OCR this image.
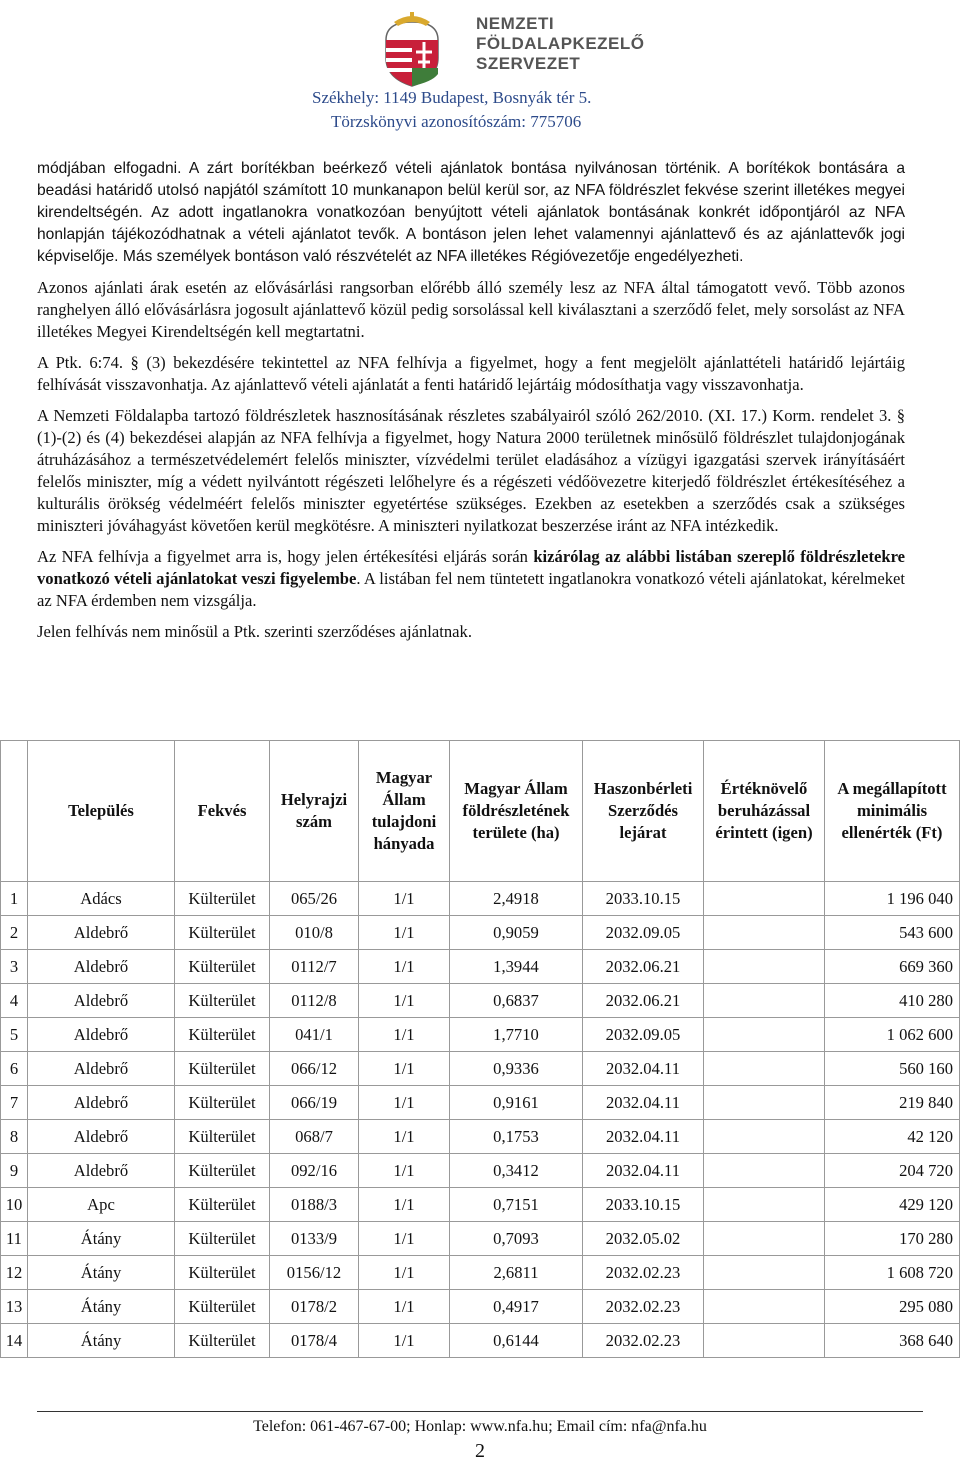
NEMZETI
FÖLDALAPKEZELŐ
SZERVEZET
Székhely: 1149 Budapest, Bosnyák tér 5.
Törzskönyvi azonosítószám: 775706

módjában elfogadni. A zárt borítékban beérkező vételi ajánlatok bontása nyilvánosan történik. A borítékok bontására a beadási határidő utolsó napjától számított 10 munkanapon belül kerül sor, az NFA földrészlet fekvése szerint illetékes megyei kirendeltségén. Az adott ingatlanokra vonatkozóan benyújtott vételi ajánlatok bontásának konkrét időpontjáról az NFA honlapján tájékozódhatnak a vételi ajánlatot tevők. A bontáson jelen lehet valamennyi ajánlattevő és az ajánlattevők jogi képviselője. Más személyek bontáson való részvételét az NFA illetékes Régióvezetője engedélyezheti.

Azonos ajánlati árak esetén az elővásárlási rangsorban előrébb álló személy lesz az NFA által támogatott vevő. Több azonos ranghelyen álló elővásárlásra jogosult ajánlattevő közül pedig sorsolással kell kiválasztani a szerződő felet, mely sorsolást az NFA illetékes Megyei Kirendeltségén kell megtartatni.

A Ptk. 6:74. § (3) bekezdésére tekintettel az NFA felhívja a figyelmet, hogy a fent megjelölt ajánlattételi határidő lejártáig felhívását visszavonhatja. Az ajánlattevő vételi ajánlatát a fenti határidő lejártáig módosíthatja vagy visszavonhatja.

A Nemzeti Földalapba tartozó földrészletek hasznosításának részletes szabályairól szóló 262/2010. (XI. 17.) Korm. rendelet 3. § (1)-(2) és (4) bekezdései alapján az NFA felhívja a figyelmet, hogy Natura 2000 területnek minősülő földrészlet tulajdonjogának átruházásához a természetvédelemért felelős miniszter, vízvédelmi terület eladásához a vízügyi igazgatási szervek irányításáért felelős miniszter, míg a védett nyilvántott régészeti lelőhelyre és a régészeti védőövezetre kiterjedő földrészlet értékesítéséhez a kulturális örökség védelméért felelős miniszter egyetértése szükséges. Ezekben az esetekben a szerződés csak a szükséges miniszteri jóváhagyást követően kerül megkötésre. A miniszteri nyilatkozat beszerzése iránt az NFA intézkedik.

Az NFA felhívja a figyelmet arra is, hogy jelen értékesítési eljárás során kizárólag az alábbi listában szereplő földrészletekre vonatkozó vételi ajánlatokat veszi figyelembe. A listában fel nem tüntetett ingatlanokra vonatkozó vételi ajánlatokat, kérelmeket az NFA érdemben nem vizsgálja.

Jelen felhívás nem minősül a Ptk. szerinti szerződéses ajánlatnak.

	Település	Fekvés	Helyrajzi szám	Magyar Állam tulajdoni hányada	Magyar Állam földrészletének területe (ha)	Haszonbérleti Szerződés lejárat	Értéknövelő beruházással érintett (igen)	A megállapított minimális ellenérték (Ft)
1	Adács	Külterület	065/26	1/1	2,4918	2033.10.15		1 196 040
2	Aldebrő	Külterület	010/8	1/1	0,9059	2032.09.05		543 600
3	Aldebrő	Külterület	0112/7	1/1	1,3944	2032.06.21		669 360
4	Aldebrő	Külterület	0112/8	1/1	0,6837	2032.06.21		410 280
5	Aldebrő	Külterület	041/1	1/1	1,7710	2032.09.05		1 062 600
6	Aldebrő	Külterület	066/12	1/1	0,9336	2032.04.11		560 160
7	Aldebrő	Külterület	066/19	1/1	0,9161	2032.04.11		219 840
8	Aldebrő	Külterület	068/7	1/1	0,1753	2032.04.11		42 120
9	Aldebrő	Külterület	092/16	1/1	0,3412	2032.04.11		204 720
10	Apc	Külterület	0188/3	1/1	0,7151	2033.10.15		429 120
11	Átány	Külterület	0133/9	1/1	0,7093	2032.05.02		170 280
12	Átány	Külterület	0156/12	1/1	2,6811	2032.02.23		1 608 720
13	Átány	Külterület	0178/2	1/1	0,4917	2032.02.23		295 080
14	Átány	Külterület	0178/4	1/1	0,6144	2032.02.23		368 640
Telefon: 061-467-67-00; Honlap: www.nfa.hu; Email cím: nfa@nfa.hu
2
